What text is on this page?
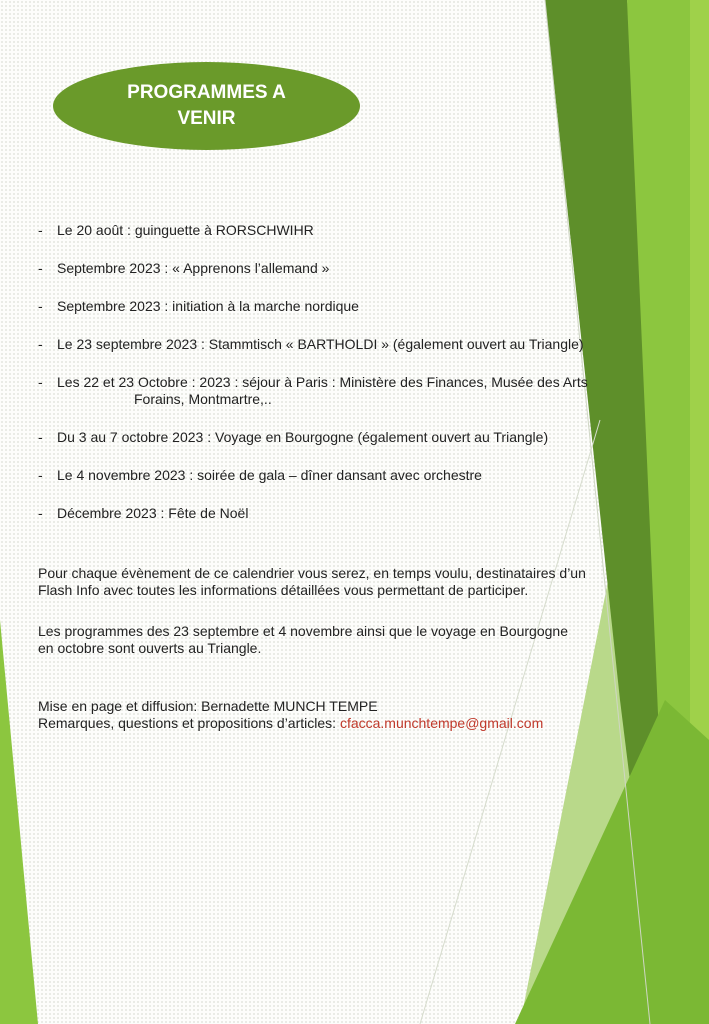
PROGRAMMES A
VENIR
- Le 20 août : guinguette à RORSCHWIHR
- Septembre 2023 : « Apprenons l’allemand »
- Septembre 2023 : initiation à la marche nordique
- Le 23 septembre 2023 : Stammtisch « BARTHOLDI » (également ouvert au Triangle)
- Les 22 et 23 Octobre : 2023 : séjour à Paris : Ministère des Finances, Musée des Arts
Forains, Montmartre,..
- Du 3 au 7 octobre 2023 : Voyage en Bourgogne (également ouvert au Triangle)
- Le 4 novembre 2023 : soirée de gala – dîner dansant avec orchestre
- Décembre 2023 : Fête de Noël

Pour chaque évènement de ce calendrier vous serez, en temps voulu, destinataires d’un
Flash Info avec toutes les informations détaillées vous permettant de participer.

Les programmes des 23 septembre et 4 novembre ainsi que le voyage en Bourgogne
en octobre sont ouverts au Triangle.

Mise en page et diffusion: Bernadette MUNCH TEMPE
Remarques, questions et propositions d’articles: cfacca.munchtempe@gmail.com
